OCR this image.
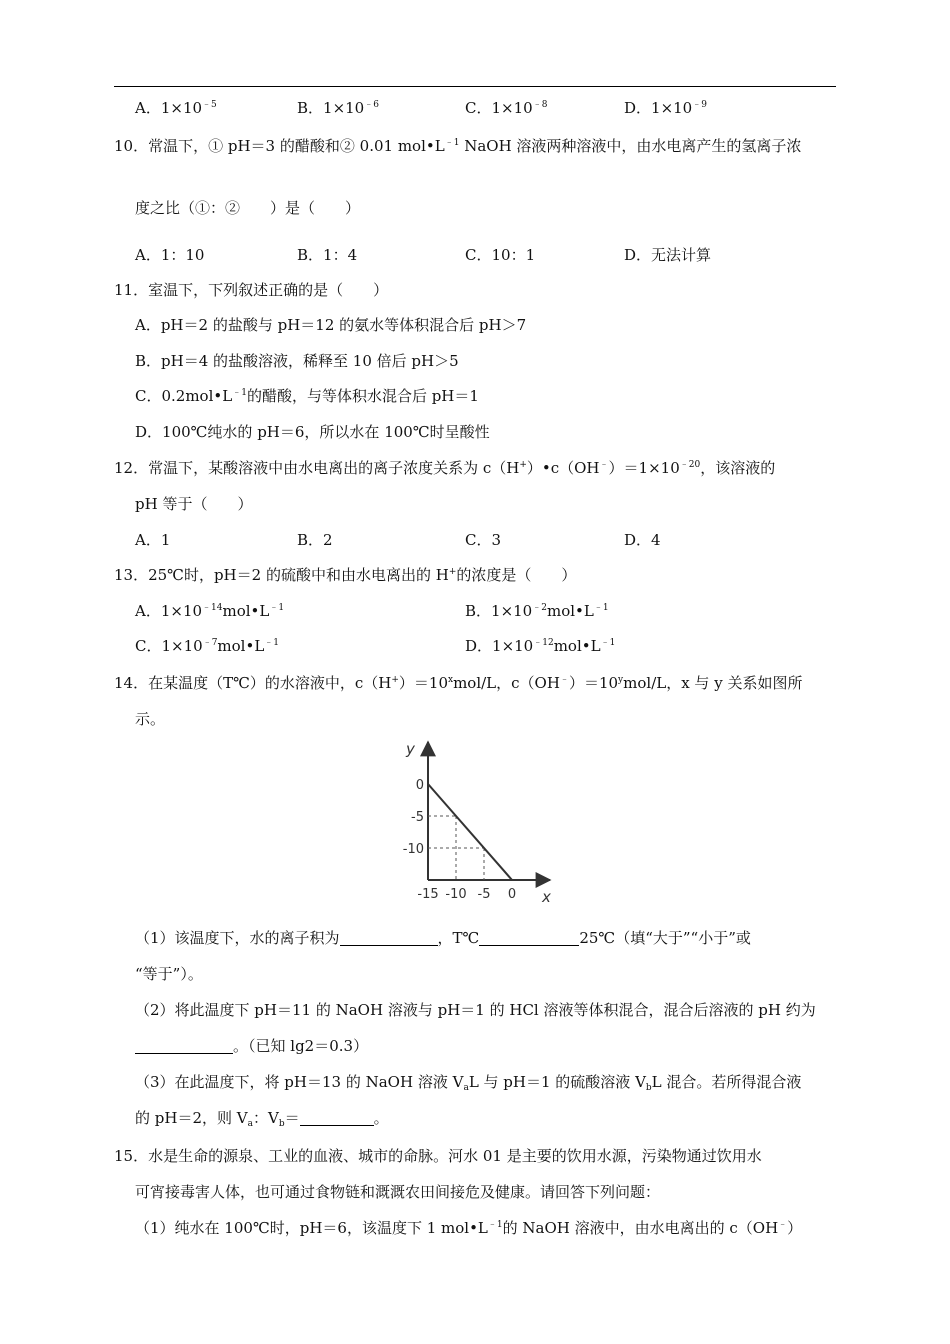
A．$1\times 10^{﹣5}$	B．$1\times 10^{﹣6}$	C．$1\times 10^{﹣8}$	D．$1\times 10^{﹣9}$
10．常温下，① pH＝3 的醋酸和② 0.01 $mol•L^{﹣1}$ NaOH 溶液两种溶液中，由水电离产生的氢离子浓
度之比（①：②　　）是（　　）
A．1：10	B．1：4	C．10：1	D．无法计算
11．室温下，下列叙述正确的是（　　）
A．pH＝2 的盐酸与 pH＝12 的氨水等体积混合后 pH＞7
B．pH＝4 的盐酸溶液，稀释至 10 倍后 pH＞5
C．$0.2mol•L^{﹣1}$的醋酸，与等体积水混合后 pH＝1
D．100℃纯水的 pH＝6，所以水在 100℃时呈酸性
12．常温下，某酸溶液中由水电离出的离子浓度关系为 $c(H^+)•c(OH^﹣)=1\times 10^{﹣20}$，该溶液的
pH 等于（　　）
A．1	B．2	C．3	D．4
13．25℃时，pH＝2 的硫酸中和由水电离出的 H+的浓度是（　　）
A．$1\times 10^{﹣14}mol•L^{﹣1}$	B．$1\times 10^{﹣2}mol•L^{﹣1}$
C．$1\times 10^{﹣7}mol•L^{﹣1}$	D．$1\times 10^{﹣12}mol•L^{﹣1}$
14．在某温度（T℃）的水溶液中，$c(H^+)=10^xmol/L$，$c(OH^﹣)=10^ymol/L$，x 与 y 关系如图所
示。
-15 -10 -5 0
0
-5
-10
x
y
（1）该温度下，水的离子积为	，T℃	25℃（填“大于”“小于”或
“等于”）。
（2）将此温度下 pH＝11 的 NaOH 溶液与 pH＝1 的 HCl 溶液等体积混合，混合后溶液的 pH 约为
。（已知 lg2＝0.3）
（3）在此温度下，将 pH＝13 的 NaOH 溶液 $V_aL$ 与 pH＝1 的硫酸溶液 $V_bL$ 混合。若所得混合液
的 pH＝2，则 $V_a$：$V_b=$	。
15．水是生命的源泉、工业的血液、城市的命脉。河水 01 是主要的饮用水源，污染物通过饮用水
可宵接毒害人体，也可通过食物链和溉溉农田间接危及健康。请回答下列问题：
（1）纯水在 100℃时，pH＝6，该温度下 1 $mol•L^{﹣1}$的 NaOH 溶液中，由水电离出的 c（OH﹣）
